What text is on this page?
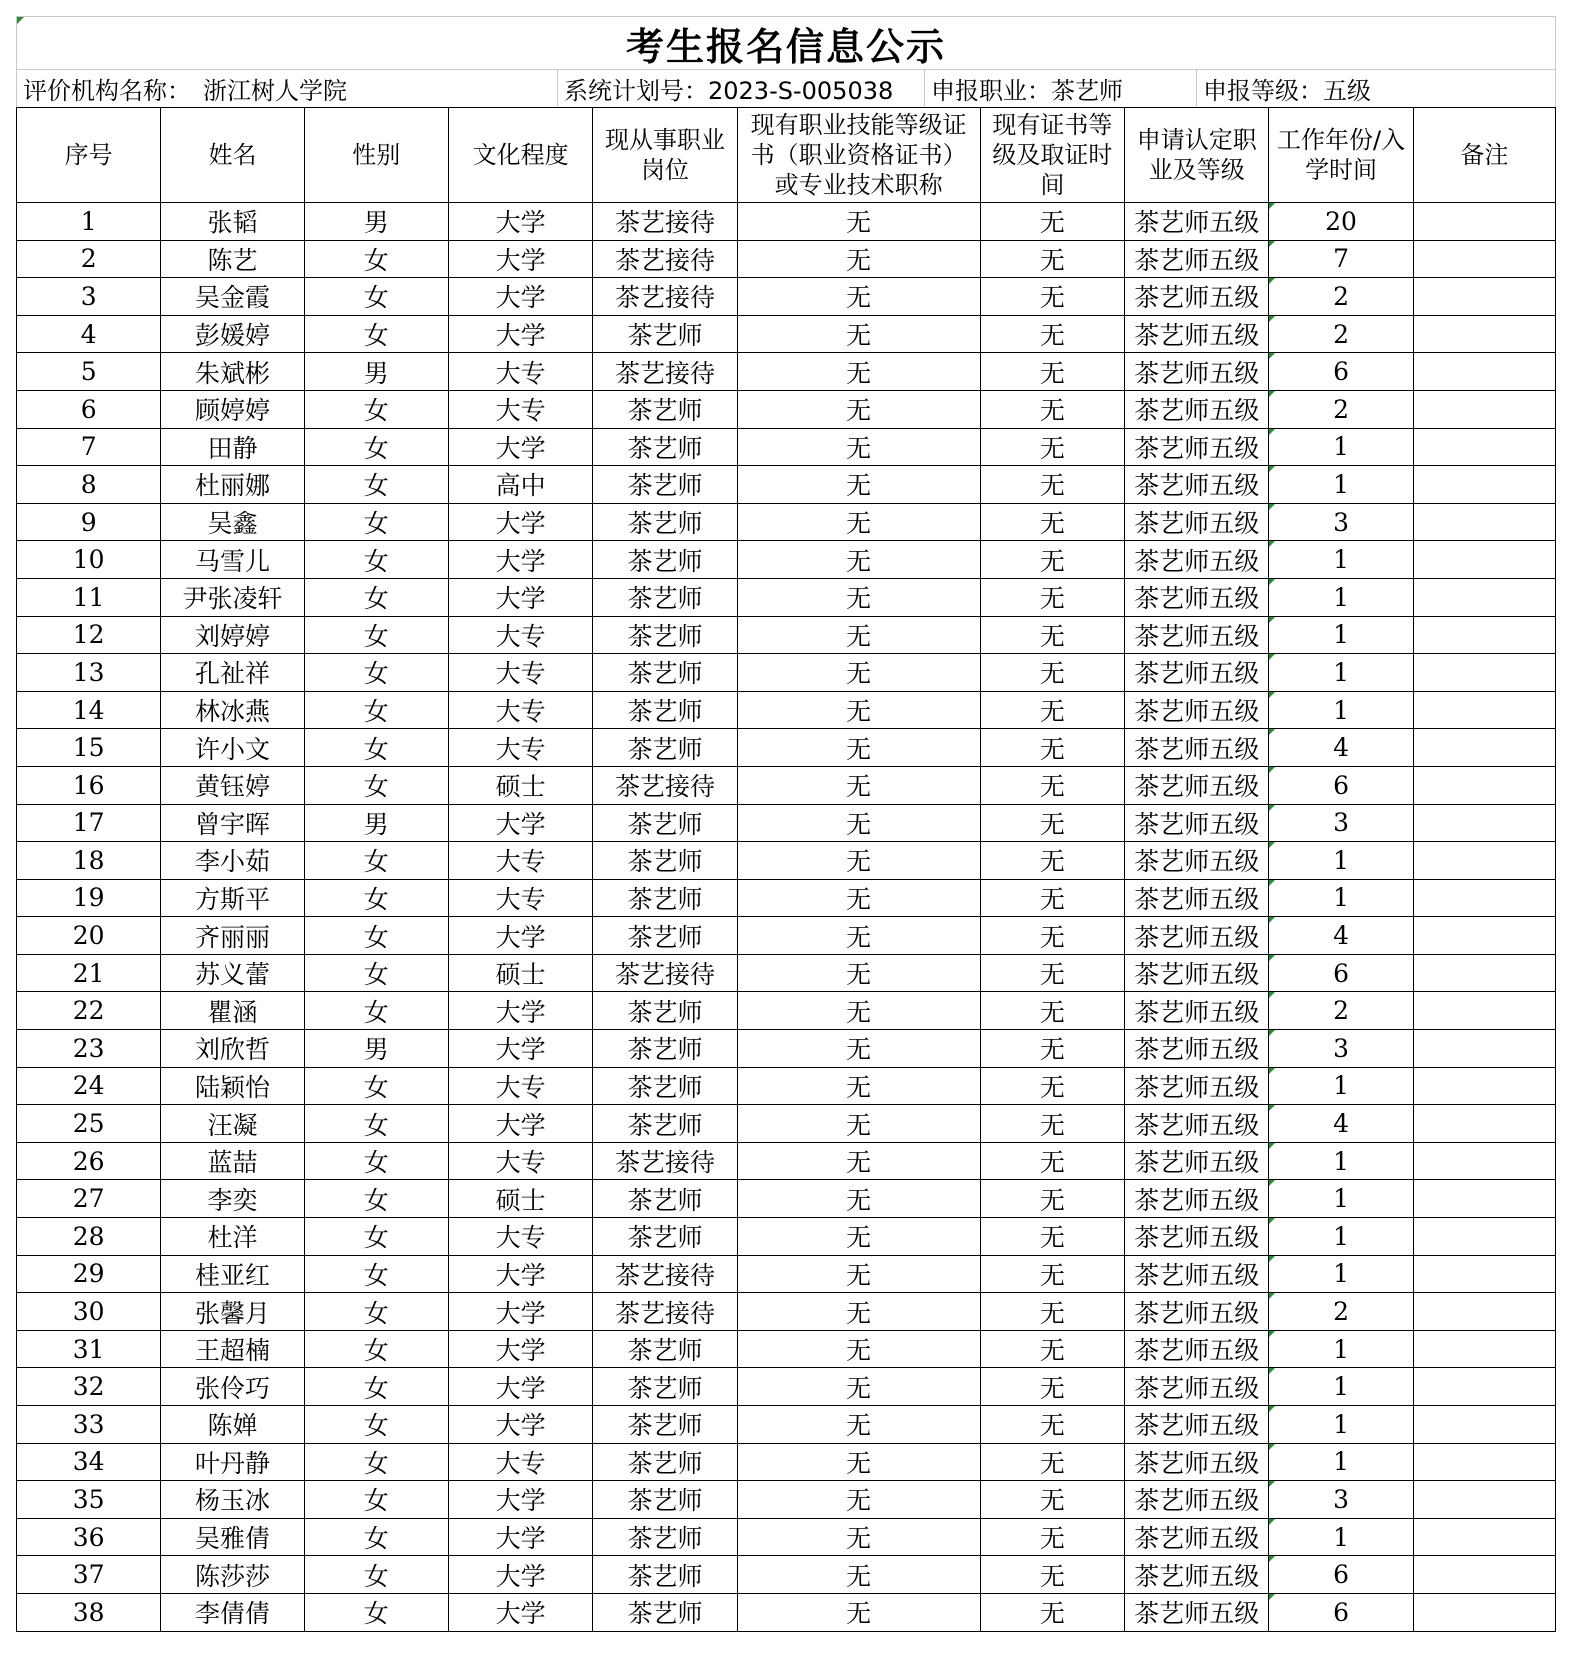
考生报名信息公示
评价机构名称：　浙江树人学院	系统计划号：2023-S-005038	申报职业：茶艺师	申报等级：五级
序号	姓名	性别	文化程度	现从事职业岗位	现有职业技能等级证书（职业资格证书）或专业技术职称	现有证书等级及取证时间	申请认定职业及等级	工作年份/入学时间	备注
1	张韬	男	大学	茶艺接待	无	无	茶艺师五级	20

2	陈艺	女	大学	茶艺接待	无	无	茶艺师五级	7

3	吴金霞	女	大学	茶艺接待	无	无	茶艺师五级	2

4	彭媛婷	女	大学	茶艺师	无	无	茶艺师五级	2

5	朱斌彬	男	大专	茶艺接待	无	无	茶艺师五级	6

6	顾婷婷	女	大专	茶艺师	无	无	茶艺师五级	2

7	田静	女	大学	茶艺师	无	无	茶艺师五级	1

8	杜丽娜	女	高中	茶艺师	无	无	茶艺师五级	1

9	吴鑫	女	大学	茶艺师	无	无	茶艺师五级	3

10	马雪儿	女	大学	茶艺师	无	无	茶艺师五级	1

11	尹张凌轩	女	大学	茶艺师	无	无	茶艺师五级	1

12	刘婷婷	女	大专	茶艺师	无	无	茶艺师五级	1

13	孔祉祥	女	大专	茶艺师	无	无	茶艺师五级	1

14	林冰燕	女	大专	茶艺师	无	无	茶艺师五级	1

15	许小文	女	大专	茶艺师	无	无	茶艺师五级	4

16	黄钰婷	女	硕士	茶艺接待	无	无	茶艺师五级	6

17	曾宇晖	男	大学	茶艺师	无	无	茶艺师五级	3

18	李小茹	女	大专	茶艺师	无	无	茶艺师五级	1

19	方斯平	女	大专	茶艺师	无	无	茶艺师五级	1

20	齐丽丽	女	大学	茶艺师	无	无	茶艺师五级	4

21	苏义蕾	女	硕士	茶艺接待	无	无	茶艺师五级	6

22	瞿涵	女	大学	茶艺师	无	无	茶艺师五级	2

23	刘欣哲	男	大学	茶艺师	无	无	茶艺师五级	3

24	陆颖怡	女	大专	茶艺师	无	无	茶艺师五级	1

25	汪凝	女	大学	茶艺师	无	无	茶艺师五级	4

26	蓝喆	女	大专	茶艺接待	无	无	茶艺师五级	1

27	李奕	女	硕士	茶艺师	无	无	茶艺师五级	1

28	杜洋	女	大专	茶艺师	无	无	茶艺师五级	1

29	桂亚红	女	大学	茶艺接待	无	无	茶艺师五级	1

30	张馨月	女	大学	茶艺接待	无	无	茶艺师五级	2

31	王超楠	女	大学	茶艺师	无	无	茶艺师五级	1

32	张伶巧	女	大学	茶艺师	无	无	茶艺师五级	1

33	陈婵	女	大学	茶艺师	无	无	茶艺师五级	1

34	叶丹静	女	大专	茶艺师	无	无	茶艺师五级	1

35	杨玉冰	女	大学	茶艺师	无	无	茶艺师五级	3

36	吴雅倩	女	大学	茶艺师	无	无	茶艺师五级	1

37	陈莎莎	女	大学	茶艺师	无	无	茶艺师五级	6

38	李倩倩	女	大学	茶艺师	无	无	茶艺师五级	6
